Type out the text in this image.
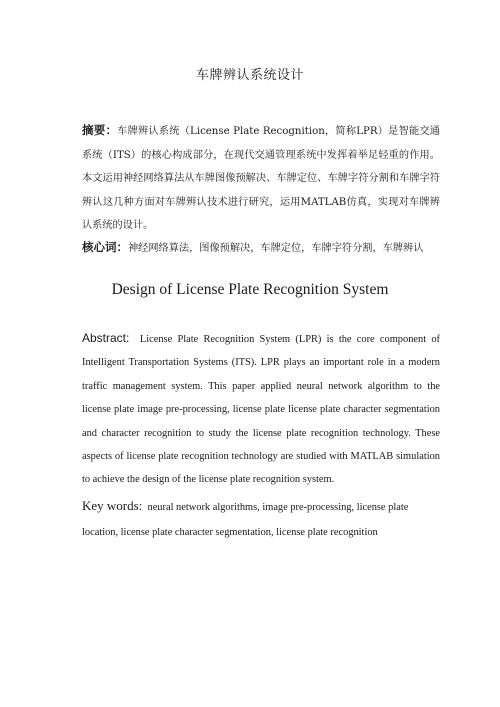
车牌辨认系统设计
摘要：车牌辨认系统（License Plate Recognition，简称LPR）是智能交通系统（ITS）的核心构成部分，在现代交通管理系统中发挥着举足轻重的作用。本文运用神经网络算法从车牌图像预解决、车牌定位、车牌字符分割和车牌字符辨认这几种方面对车牌辨认技术进行研究，运用MATLAB仿真，实现对车牌辨认系统的设计。
核心词：神经网络算法，图像预解决，车牌定位，车牌字符分割，车牌辨认
Design of License Plate Recognition System
Abstract: License Plate Recognition System (LPR) is the core component of Intelligent Transportation Systems (ITS). LPR plays an important role in a modern traffic management system. This paper applied neural network algorithm to the license plate image pre-processing, license plate license plate character segmentation and character recognition to study the license plate recognition technology. These aspects of license plate recognition technology are studied with MATLAB simulation to achieve the design of the license plate recognition system.
Key words: neural network algorithms, image pre-processing, license plate location, license plate character segmentation, license plate recognition
